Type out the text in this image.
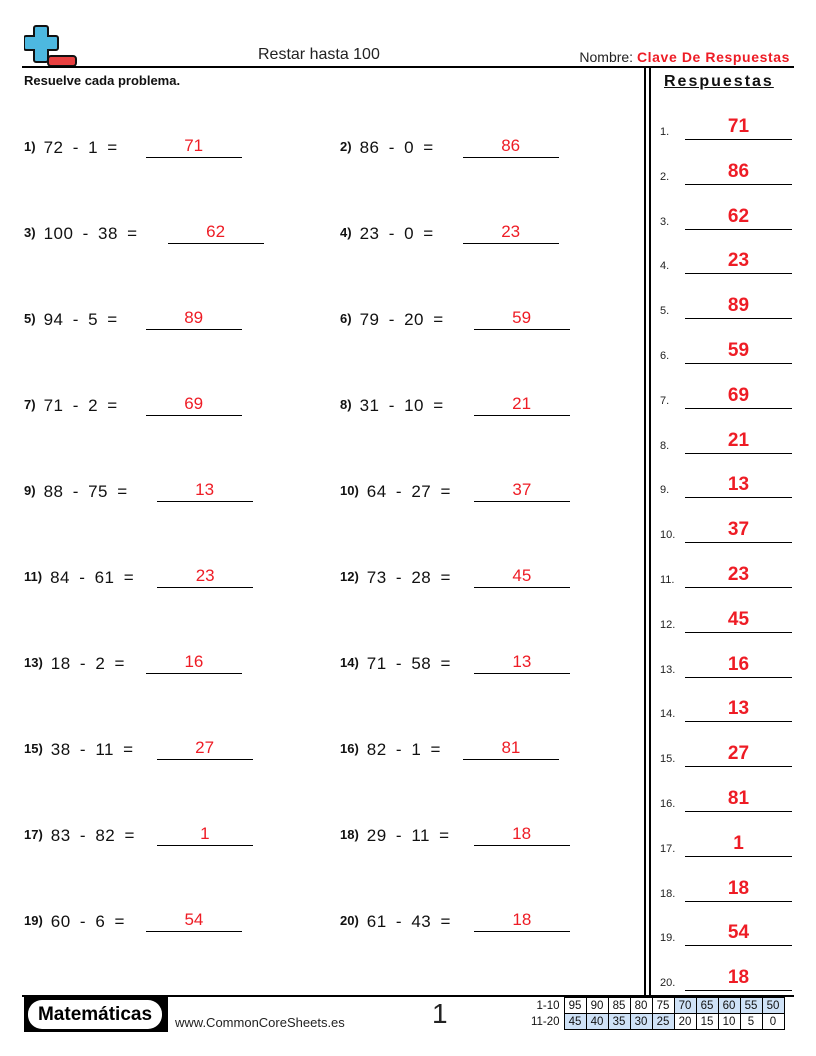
Restar hasta 100	Nombre: Clave De Respuestas
Resuelve cada problema.
1) 72 - 1 =	71	2) 86 - 0 =	86
3) 100 - 38 =	62	4) 23 - 0 =	23
5) 94 - 5 =	89	6) 79 - 20 =	59
7) 71 - 2 =	69	8) 31 - 10 =	21
9) 88 - 75 =	13	10) 64 - 27 =	37
11) 84 - 61 =	23	12) 73 - 28 =	45
13) 18 - 2 =	16	14) 71 - 58 =	13
15) 38 - 11 =	27	16) 82 - 1 =	81
17) 83 - 82 =	1	18) 29 - 11 =	18
19) 60 - 6 =	54	20) 61 - 43 =	18
Respuestas
1.	71
2.	86
3.	62
4.	23
5.	89
6.	59
7.	69
8.	21
9.	13
10.	37
11.	23
12.	45
13.	16
14.	13
15.	27
16.	81
17.	1
18.	18
19.	54
20.	18
Matemáticas	www.CommonCoreSheets.es	1	1-10	95	90	85	80	75	70	65	60	55	50
11-20	45	40	35	30	25	20	15	10	5	0
